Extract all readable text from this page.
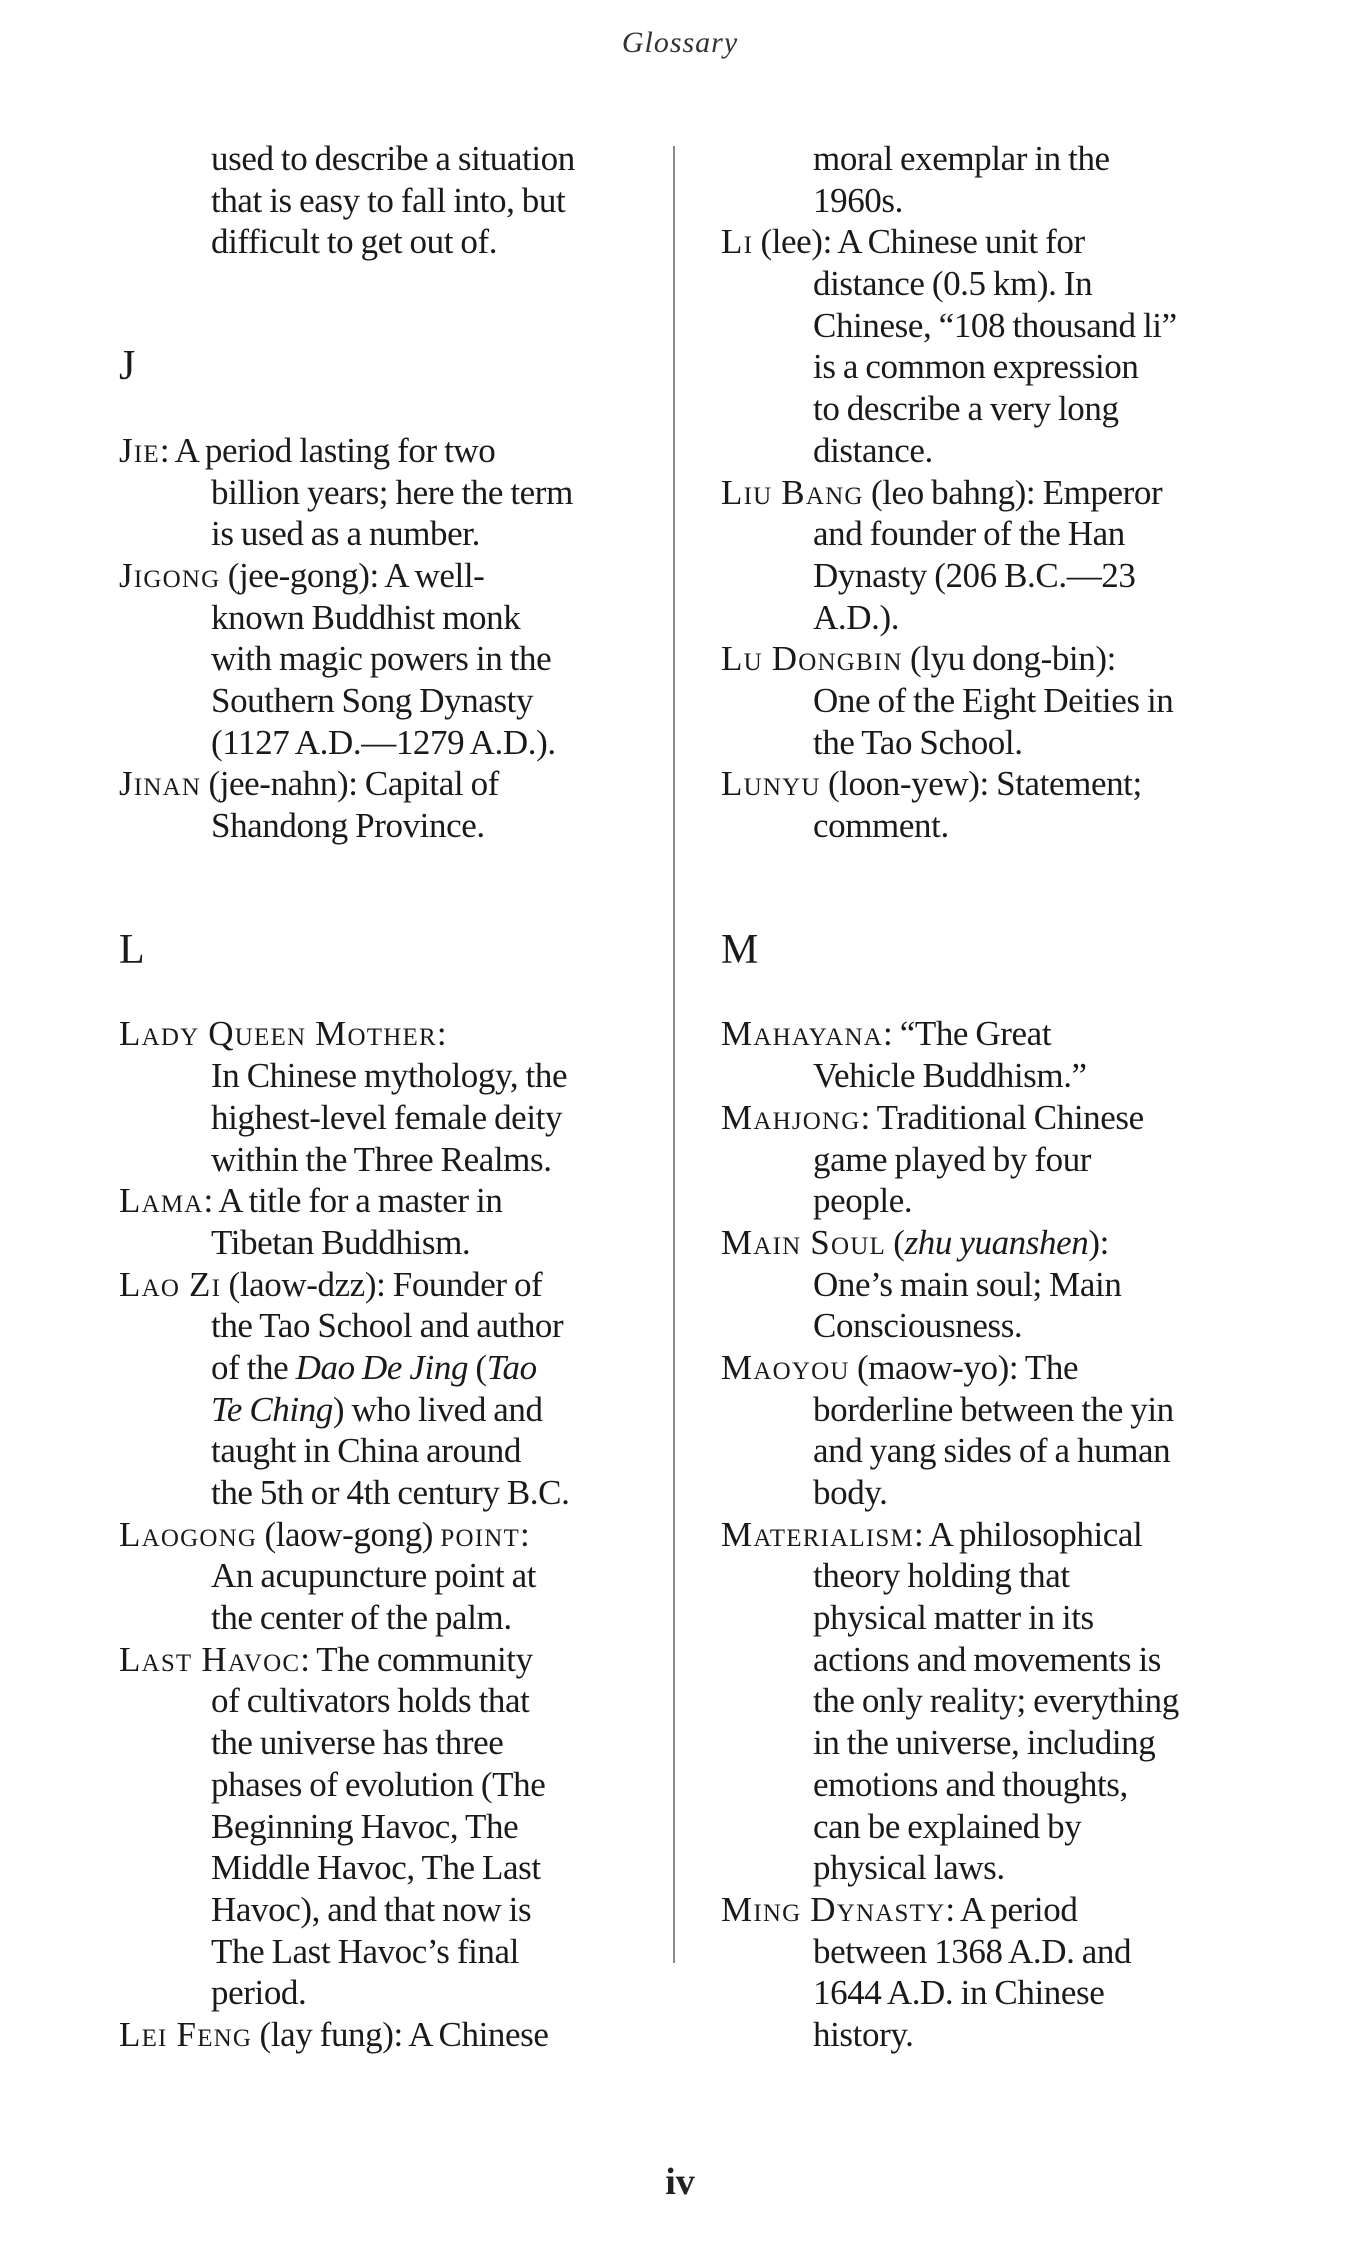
Glossary
used to describe a situation
that is easy to fall into, but
difficult to get out of.
J
Jie: A period lasting for two
billion years; here the term
is used as a number.
Jigong (jee-gong): A well-
known Buddhist monk
with magic powers in the
Southern Song Dynasty
(1127 A.D.—1279 A.D.).
Jinan (jee-nahn): Capital of
Shandong Province.
L
Lady Queen Mother:
In Chinese mythology, the
highest-level female deity
within the Three Realms.
Lama: A title for a master in
Tibetan Buddhism.
Lao Zi (laow-dzz): Founder of
the Tao School and author
of the Dao De Jing (Tao
Te Ching) who lived and
taught in China around
the 5th or 4th century B.C.
Laogong (laow-gong) point:
An acupuncture point at
the center of the palm.
Last Havoc: The community
of cultivators holds that
the universe has three
phases of evolution (The
Beginning Havoc, The
Middle Havoc, The Last
Havoc), and that now is
The Last Havoc’s final
period.
Lei Feng (lay fung): A Chinese
moral exemplar in the
1960s.
Li (lee): A Chinese unit for
distance (0.5 km). In
Chinese, “108 thousand li”
is a common expression
to describe a very long
distance.
Liu Bang (leo bahng): Emperor
and founder of the Han
Dynasty (206 B.C.—23
A.D.).
Lu Dongbin (lyu dong-bin):
One of the Eight Deities in
the Tao School.
Lunyu (loon-yew): Statement;
comment.
M
Mahayana: “The Great
Vehicle Buddhism.”
Mahjong: Traditional Chinese
game played by four
people.
Main Soul (zhu yuanshen):
One’s main soul; Main
Consciousness.
Maoyou (maow-yo): The
borderline between the yin
and yang sides of a human
body.
Materialism: A philosophical
theory holding that
physical matter in its
actions and movements is
the only reality; everything
in the universe, including
emotions and thoughts,
can be explained by
physical laws.
Ming Dynasty: A period
between 1368 A.D. and
1644 A.D. in Chinese
history.
iv
